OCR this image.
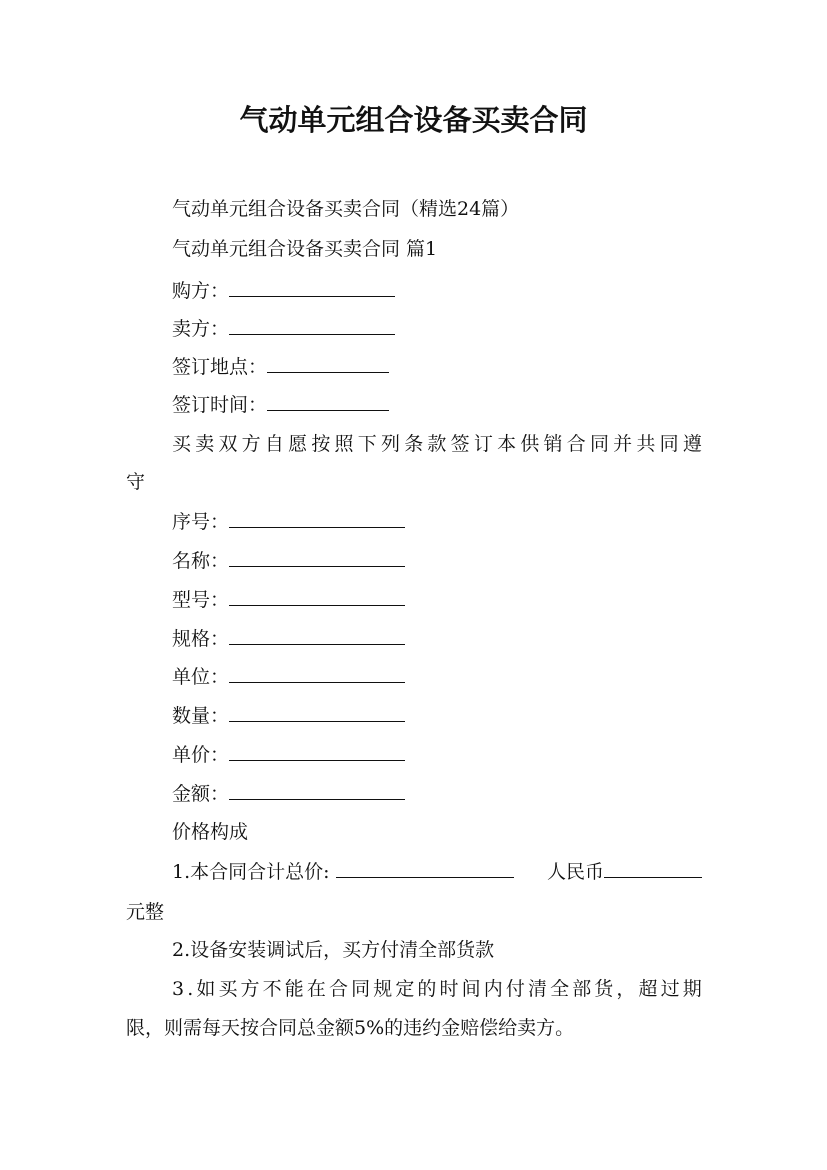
气动单元组合设备买卖合同
气动单元组合设备买卖合同（精选24篇）
气动单元组合设备买卖合同 篇1
购方：
卖方：
签订地点：
签订时间：
买 卖 双 方 自 愿 按 照 下 列 条 款 签 订 本 供 销 合 同 并 共 同 遵
守
序号：
名称：
型号：
规格：
单位：
数量：
单价：
金额：
价格构成
1.本合同合计总价:	人民币
元整
2.设备安装调试后，买方付清全部货款
3 . 如 买 方 不 能 在 合 同 规 定 的 时 间 内 付 清 全 部 货 ， 超 过 期
限，则需每天按合同总金额5%的违约金赔偿给卖方。
